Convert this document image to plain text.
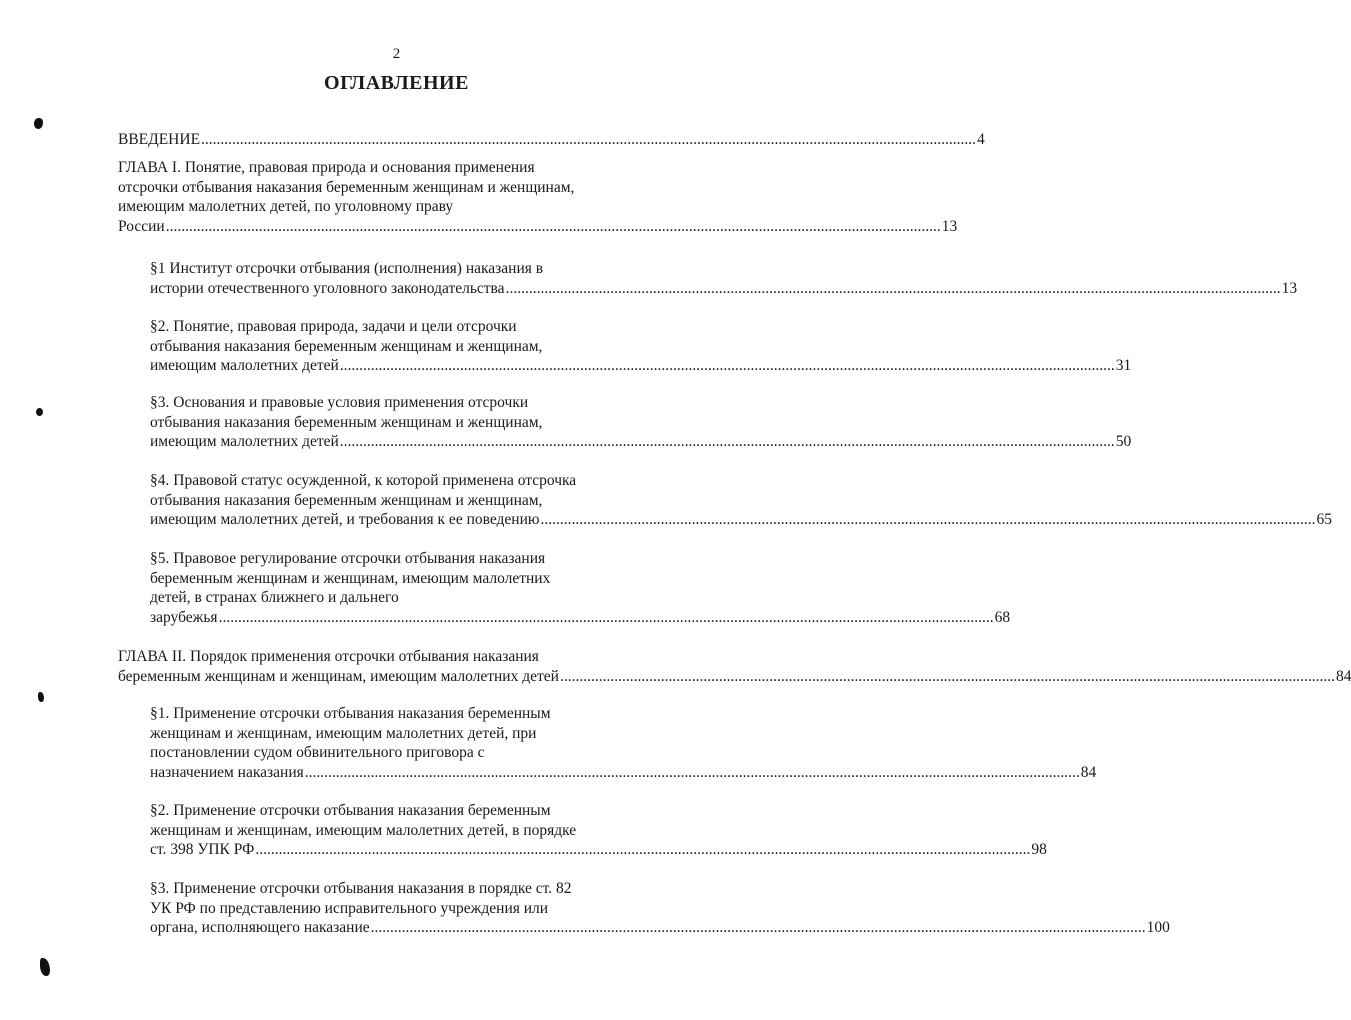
2
ОГЛАВЛЕНИЕ
ВВЕДЕНИЕ ........................................................................................................................................................................................................ 4
ГЛАВА I. Понятие, правовая природа и основания применения
отсрочки отбывания наказания беременным женщинам и женщинам,
имеющим малолетних детей, по уголовному праву
России ........................................................................................................................................................................................................ 13
§1 Институт отсрочки отбывания (исполнения) наказания в
истории отечественного уголовного законодательства ........................................................................................................................................................................................................ 13
§2. Понятие, правовая природа, задачи и цели отсрочки
отбывания наказания беременным женщинам и женщинам,
имеющим малолетних детей ........................................................................................................................................................................................................ 31
§3. Основания и правовые условия применения отсрочки
отбывания наказания беременным женщинам и женщинам,
имеющим малолетних детей ........................................................................................................................................................................................................ 50
§4. Правовой статус осужденной, к которой применена отсрочка
отбывания наказания беременным женщинам и женщинам,
имеющим малолетних детей, и требования к ее поведению ........................................................................................................................................................................................................ 65
§5. Правовое регулирование отсрочки отбывания наказания
беременным женщинам и женщинам, имеющим малолетних
детей, в странах ближнего и дальнего
зарубежья ........................................................................................................................................................................................................ 68
ГЛАВА II. Порядок применения отсрочки отбывания наказания
беременным женщинам и женщинам, имеющим малолетних детей ........................................................................................................................................................................................................ 84
§1. Применение отсрочки отбывания наказания беременным
женщинам и женщинам, имеющим малолетних детей, при
постановлении судом обвинительного приговора с
назначением наказания ........................................................................................................................................................................................................ 84
§2. Применение отсрочки отбывания наказания беременным
женщинам и женщинам, имеющим малолетних детей, в порядке
ст. 398 УПК РФ ........................................................................................................................................................................................................ 98
§3. Применение отсрочки отбывания наказания в порядке ст. 82
УК РФ по представлению исправительного учреждения или
органа, исполняющего наказание ........................................................................................................................................................................................................ 100
